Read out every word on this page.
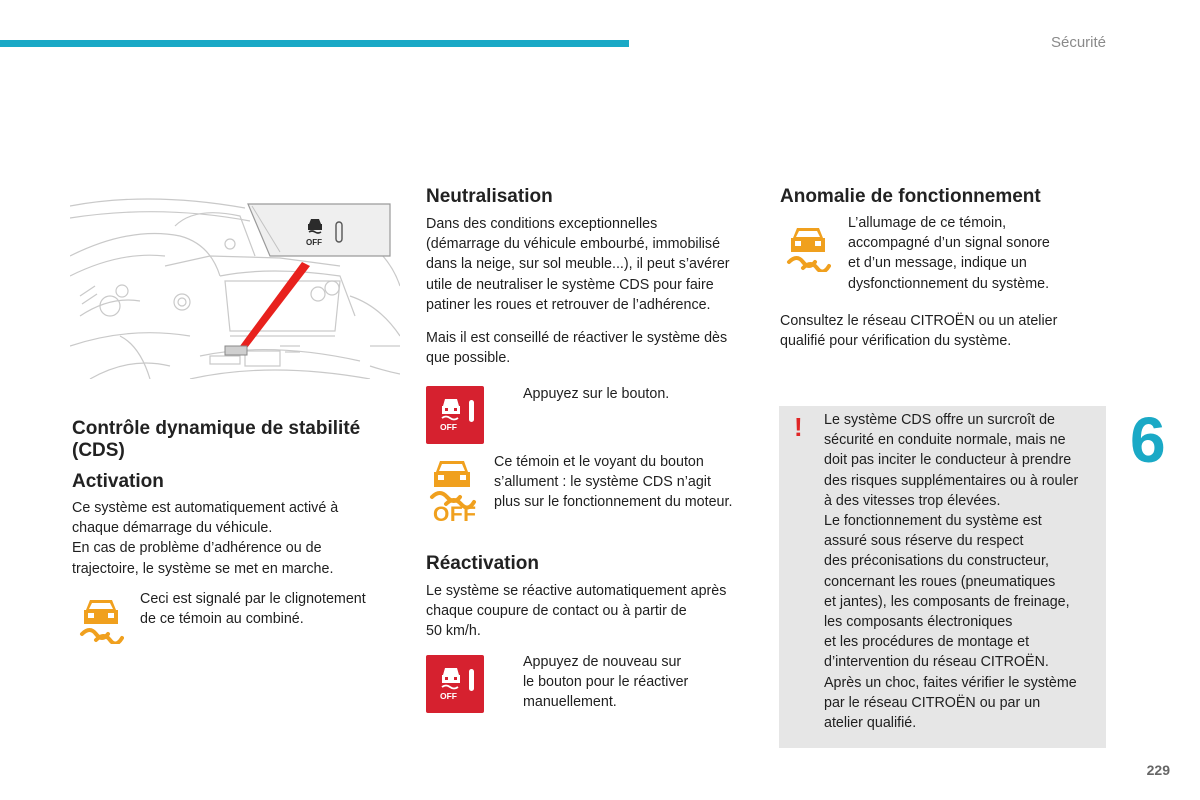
Sécurité
OFF

Contrôle dynamique de stabilité
(CDS)

Activation

Ce système est automatiquement activé à
chaque démarrage du véhicule.
En cas de problème d’adhérence ou de
trajectoire, le système se met en marche.

Ceci est signalé par le clignotement
de ce témoin au combiné.

Neutralisation

Dans des conditions exceptionnelles
(démarrage du véhicule embourbé, immobilisé
dans la neige, sur sol meuble...), il peut s’avérer
utile de neutraliser le système CDS pour faire
patiner les roues et retrouver de l’adhérence.

Mais il est conseillé de réactiver le système dès
que possible.

OFF

Appuyez sur le bouton.

OFF

Ce témoin et le voyant du bouton
s’allument : le système CDS n’agit
plus sur le fonctionnement du moteur.

Réactivation

Le système se réactive automatiquement après
chaque coupure de contact ou à partir de
50 km/h.

OFF

Appuyez de nouveau sur
le bouton pour le réactiver
manuellement.

Anomalie de fonctionnement

L’allumage de ce témoin,
accompagné d’un signal sonore
et d’un message, indique un
dysfonctionnement du système.

Consultez le réseau CITROËN ou un atelier
qualifié pour vérification du système.

! Le système CDS offre un surcroît de
sécurité en conduite normale, mais ne
doit pas inciter le conducteur à prendre
des risques supplémentaires ou à rouler
à des vitesses trop élevées.
Le fonctionnement du système est
assuré sous réserve du respect
des préconisations du constructeur,
concernant les roues (pneumatiques
et jantes), les composants de freinage,
les composants électroniques
et les procédures de montage et
d’intervention du réseau CITROËN.
Après un choc, faites vérifier le système
par le réseau CITROËN ou par un
atelier qualifié.

6
229
